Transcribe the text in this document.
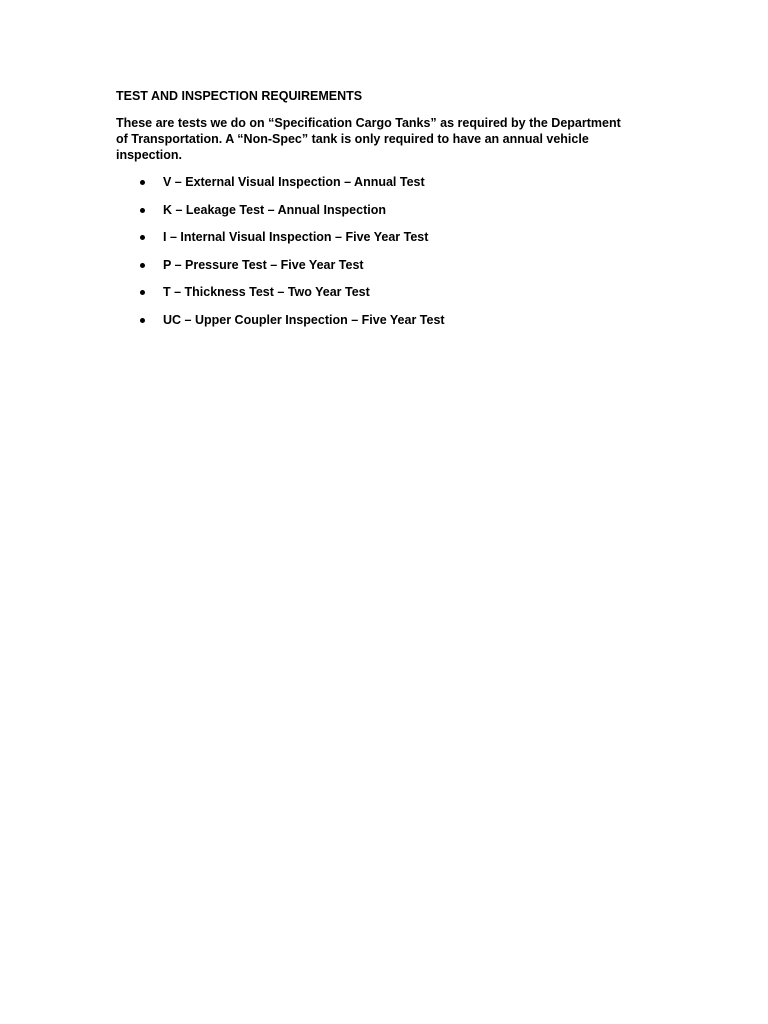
TEST AND INSPECTION REQUIREMENTS
These are tests we do on “Specification Cargo Tanks” as required by the Department of Transportation. A “Non-Spec” tank is only required to have an annual vehicle inspection.
V – External Visual Inspection – Annual Test
K – Leakage Test – Annual Inspection
I – Internal Visual Inspection – Five Year Test
P – Pressure Test – Five Year Test
T – Thickness Test – Two Year Test
UC – Upper Coupler Inspection – Five Year Test
